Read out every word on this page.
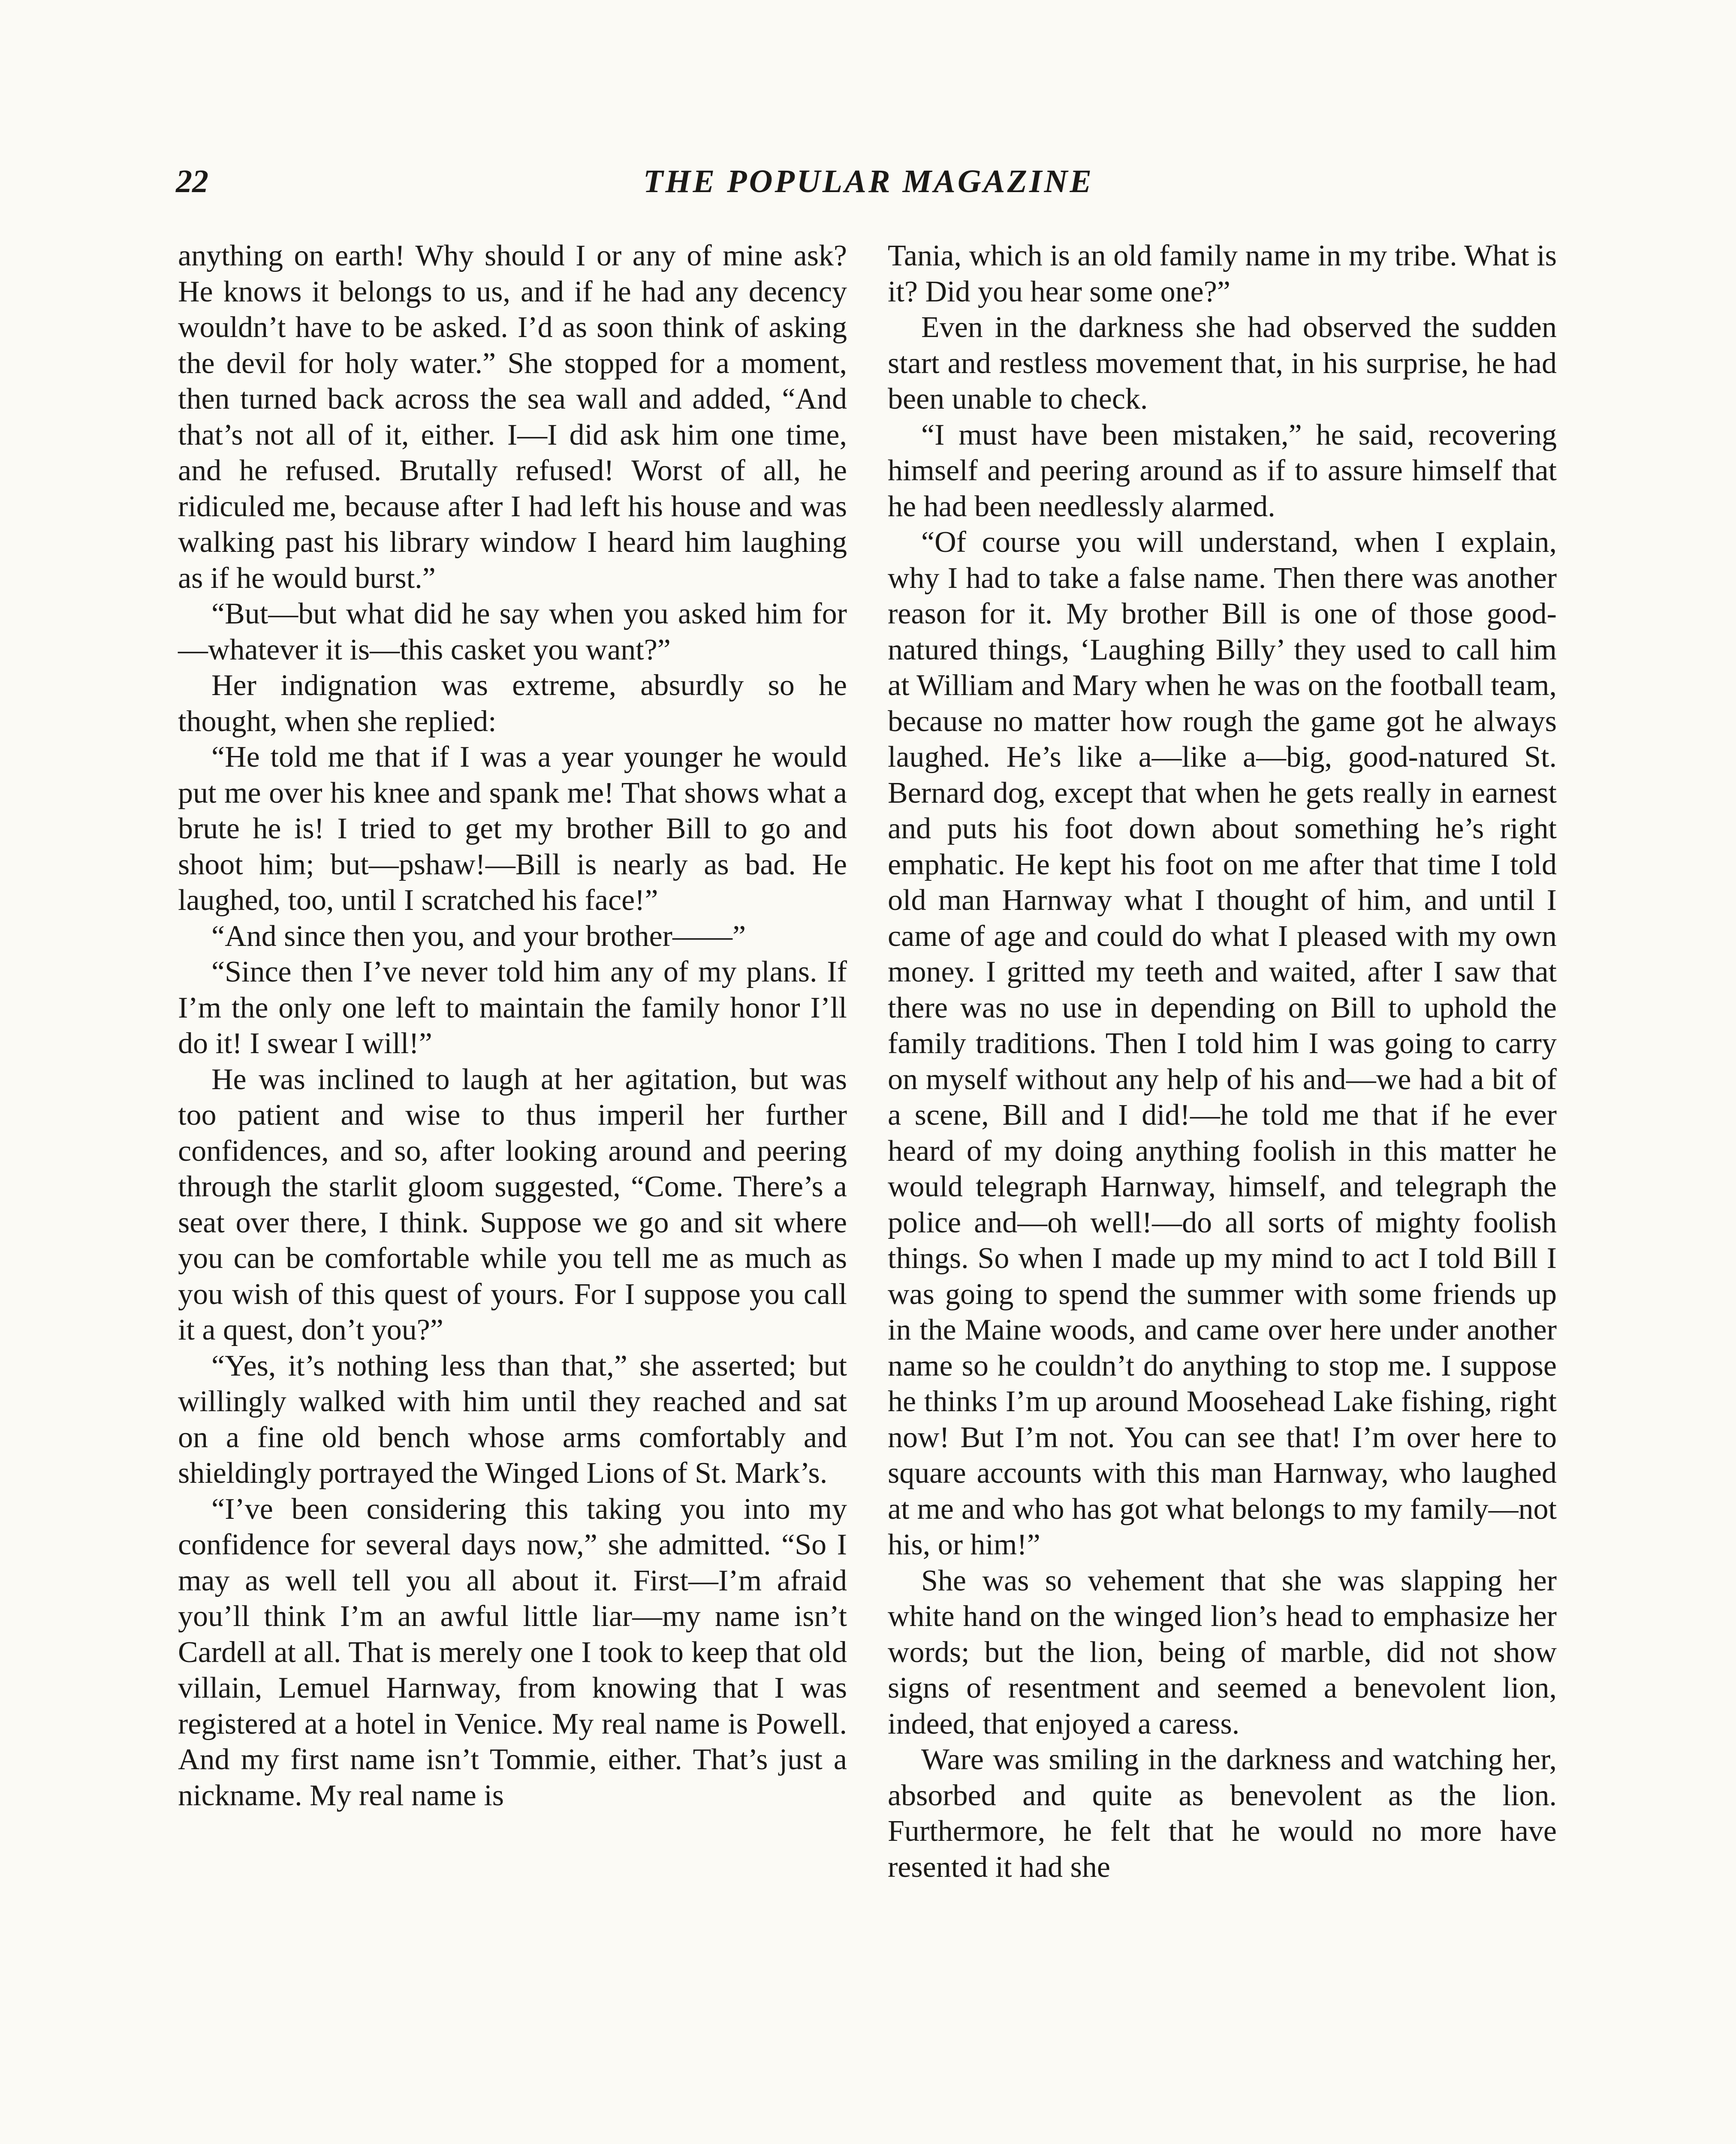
22	THE POPULAR MAGAZINE

anything on earth! Why should I or any of mine ask? He knows it belongs to us, and if he had any decency wouldn’t have to be asked. I’d as soon think of asking the devil for holy water.” She stopped for a moment, then turned back across the sea wall and added, “And that’s not all of it, either. I—I did ask him one time, and he refused. Brutally refused! Worst of all, he ridiculed me, because after I had left his house and was walking past his library window I heard him laughing as if he would burst.”

“But—but what did he say when you asked him for—whatever it is—this casket you want?”

Her indignation was extreme, absurdly so he thought, when she replied:

“He told me that if I was a year younger he would put me over his knee and spank me! That shows what a brute he is! I tried to get my brother Bill to go and shoot him; but—pshaw!—Bill is nearly as bad. He laughed, too, until I scratched his face!”

“And since then you, and your brother——”

“Since then I’ve never told him any of my plans. If I’m the only one left to maintain the family honor I’ll do it! I swear I will!”

He was inclined to laugh at her agitation, but was too patient and wise to thus imperil her further confidences, and so, after looking around and peering through the starlit gloom suggested, “Come. There’s a seat over there, I think. Suppose we go and sit where you can be comfortable while you tell me as much as you wish of this quest of yours. For I suppose you call it a quest, don’t you?”

“Yes, it’s nothing less than that,” she asserted; but willingly walked with him until they reached and sat on a fine old bench whose arms comfortably and shieldingly portrayed the Winged Lions of St. Mark’s.

“I’ve been considering this taking you into my confidence for several days now,” she admitted. “So I may as well tell you all about it. First—I’m afraid you’ll think I’m an awful little liar—my name isn’t Cardell at all. That is merely one I took to keep that old villain, Lemuel Harnway, from knowing that I was registered at a hotel in Venice. My real name is Powell. And my first name isn’t Tommie, either. That’s just a nickname. My real name is

Tania, which is an old family name in my tribe. What is it? Did you hear some one?”

Even in the darkness she had observed the sudden start and restless movement that, in his surprise, he had been unable to check.

“I must have been mistaken,” he said, recovering himself and peering around as if to assure himself that he had been needlessly alarmed.

“Of course you will understand, when I explain, why I had to take a false name. Then there was another reason for it. My brother Bill is one of those good-natured things, ‘Laughing Billy’ they used to call him at William and Mary when he was on the football team, because no matter how rough the game got he always laughed. He’s like a—like a—big, good-natured St. Bernard dog, except that when he gets really in earnest and puts his foot down about something he’s right emphatic. He kept his foot on me after that time I told old man Harnway what I thought of him, and until I came of age and could do what I pleased with my own money. I gritted my teeth and waited, after I saw that there was no use in depending on Bill to uphold the family traditions. Then I told him I was going to carry on myself without any help of his and—we had a bit of a scene, Bill and I did!—he told me that if he ever heard of my doing anything foolish in this matter he would telegraph Harnway, himself, and telegraph the police and—oh well!—do all sorts of mighty foolish things. So when I made up my mind to act I told Bill I was going to spend the summer with some friends up in the Maine woods, and came over here under another name so he couldn’t do anything to stop me. I suppose he thinks I’m up around Moosehead Lake fishing, right now! But I’m not. You can see that! I’m over here to square accounts with this man Harnway, who laughed at me and who has got what belongs to my family—not his, or him!”

She was so vehement that she was slapping her white hand on the winged lion’s head to emphasize her words; but the lion, being of marble, did not show signs of resentment and seemed a benevolent lion, indeed, that enjoyed a caress.

Ware was smiling in the darkness and watching her, absorbed and quite as benevolent as the lion. Furthermore, he felt that he would no more have resented it had she
